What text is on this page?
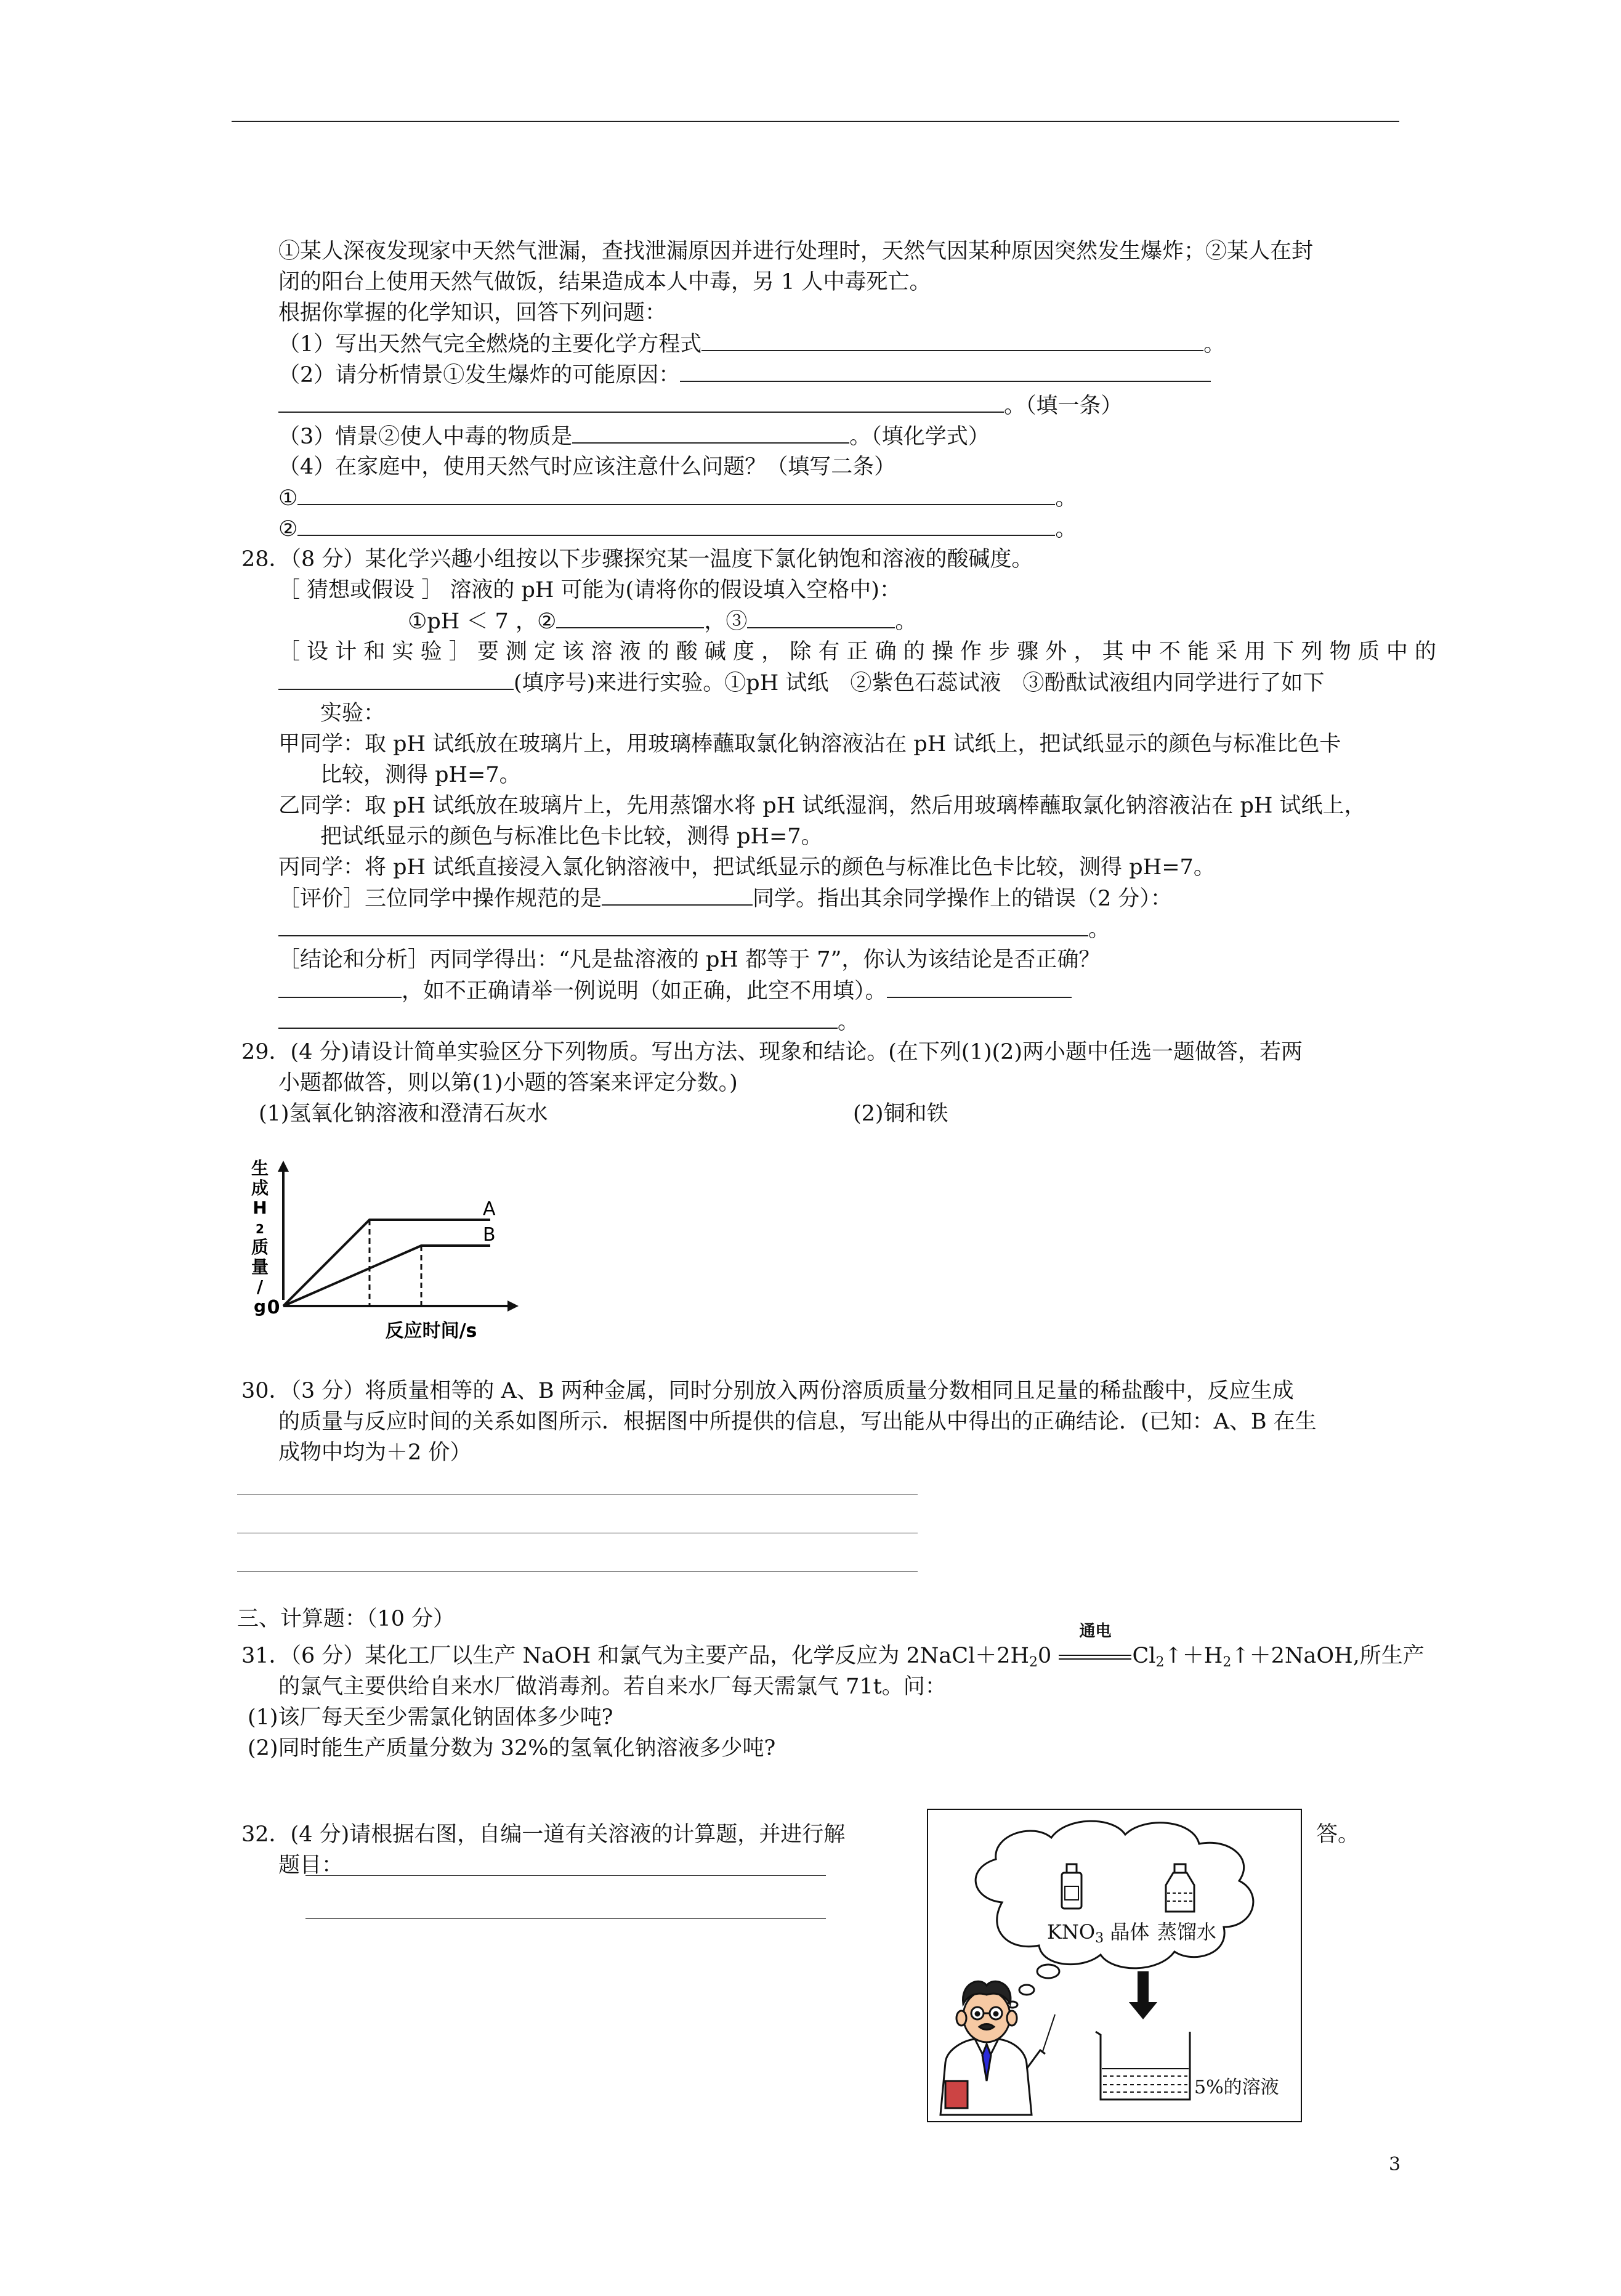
①某人深夜发现家中天然气泄漏，查找泄漏原因并进行处理时，天然气因某种原因突然发生爆炸；②某人在封
闭的阳台上使用天然气做饭，结果造成本人中毒，另 1 人中毒死亡。
根据你掌握的化学知识，回答下列问题：
（1）写出天然气完全燃烧的主要化学方程式	。
（2）请分析情景①发生爆炸的可能原因：
。（填一条）
（3）情景②使人中毒的物质是	。（填化学式）
（4）在家庭中，使用天然气时应该注意什么问题？（填写二条）
①	。
②	。
28．（8 分）某化学兴趣小组按以下步骤探究某一温度下氯化钠饱和溶液的酸碱度。
［ 猜想或假设 ］ 溶液的 pH 可能为(请将你的假设填入空格中)：
①pH ＜ 7 ，②	，③	。
［ 设 计 和 实 验 ］ 要 测 定 该 溶 液 的 酸 碱 度 ， 除 有 正 确 的 操 作 步 骤 外 ， 其 中 不 能 采 用 下 列 物 质 中 的
(填序号)来进行实验。①pH 试纸　②紫色石蕊试液　③酚酞试液组内同学进行了如下
实验：
甲同学：取 pH 试纸放在玻璃片上，用玻璃棒蘸取氯化钠溶液沾在 pH 试纸上，把试纸显示的颜色与标准比色卡
比较，测得 pH=7。
乙同学：取 pH 试纸放在玻璃片上，先用蒸馏水将 pH 试纸湿润，然后用玻璃棒蘸取氯化钠溶液沾在 pH 试纸上，
把试纸显示的颜色与标准比色卡比较，测得 pH=7。
丙同学：将 pH 试纸直接浸入氯化钠溶液中，把试纸显示的颜色与标准比色卡比较，测得 pH=7。
［评价］三位同学中操作规范的是	同学。指出其余同学操作上的错误（2 分）：
。
［结论和分析］丙同学得出：“凡是盐溶液的 pH 都等于 7”，你认为该结论是否正确？
，如不正确请举一例说明（如正确，此空不用填）。
。
29．(4 分)请设计简单实验区分下列物质。写出方法、现象和结论。(在下列(1)(2)两小题中任选一题做答，若两
小题都做答，则以第(1)小题的答案来评定分数。)
(1)氢氧化钠溶液和澄清石灰水	(2)铜和铁
0
生
成
H
2
质
量
/
g
反应时间/s
A
B
30．（3 分）将质量相等的 A、B 两种金属，同时分别放入两份溶质质量分数相同且足量的稀盐酸中，反应生成
的质量与反应时间的关系如图所示．根据图中所提供的信息，写出能从中得出的正确结论．(已知：A、B 在生
成物中均为＋2 价）
三、计算题：（10 分）
31．（6 分）某化工厂以生产 NaOH 和氯气为主要产品，化学反应为 $2NaCl+2H_20$
通电
$Cl_2↑+H_2↑+2NaOH$,所生产
的氯气主要供给自来水厂做消毒剂。若自来水厂每天需氯气 71t。问：
(1)该厂每天至少需氯化钠固体多少吨?
(2)同时能生产质量分数为 32%的氢氧化钠溶液多少吨?
32．(4 分)请根据右图，自编一道有关溶液的计算题，并进行解	答。
题目：
$KNO_3$ 晶体 蒸馏水
5%的溶液
3
